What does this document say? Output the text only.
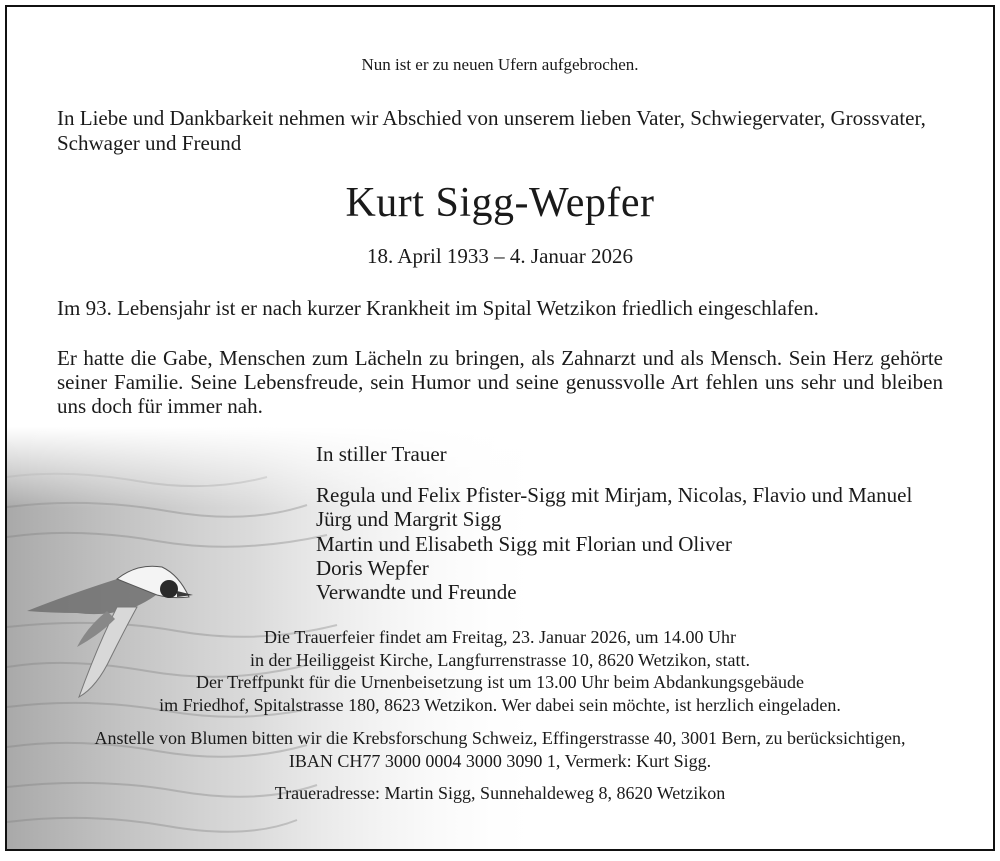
Nun ist er zu neuen Ufern aufgebrochen.
In Liebe und Dankbarkeit nehmen wir Abschied von unserem lieben Vater, Schwiegervater, Grossvater, Schwager und Freund
Kurt Sigg-Wepfer
18. April 1933 – 4. Januar 2026
Im 93. Lebensjahr ist er nach kurzer Krankheit im Spital Wetzikon friedlich eingeschlafen.
Er hatte die Gabe, Menschen zum Lächeln zu bringen, als Zahnarzt und als Mensch. Sein Herz gehörte seiner Familie. Seine Lebensfreude, sein Humor und seine genussvolle Art fehlen uns sehr und bleiben uns doch für immer nah.
In stiller Trauer
Regula und Felix Pfister-Sigg mit Mirjam, Nicolas, Flavio und Manuel
Jürg und Margrit Sigg
Martin und Elisabeth Sigg mit Florian und Oliver
Doris Wepfer
Verwandte und Freunde
Die Trauerfeier findet am Freitag, 23. Januar 2026, um 14.00 Uhr
in der Heiliggeist Kirche, Langfurrenstrasse 10, 8620 Wetzikon, statt.
Der Treffpunkt für die Urnenbeisetzung ist um 13.00 Uhr beim Abdankungsgebäude
im Friedhof, Spitalstrasse 180, 8623 Wetzikon. Wer dabei sein möchte, ist herzlich eingeladen.
Anstelle von Blumen bitten wir die Krebsforschung Schweiz, Effingerstrasse 40, 3001 Bern, zu berücksichtigen,
IBAN CH77 3000 0004 3000 3090 1, Vermerk: Kurt Sigg.
Traueradresse: Martin Sigg, Sunnehaldeweg 8, 8620 Wetzikon
